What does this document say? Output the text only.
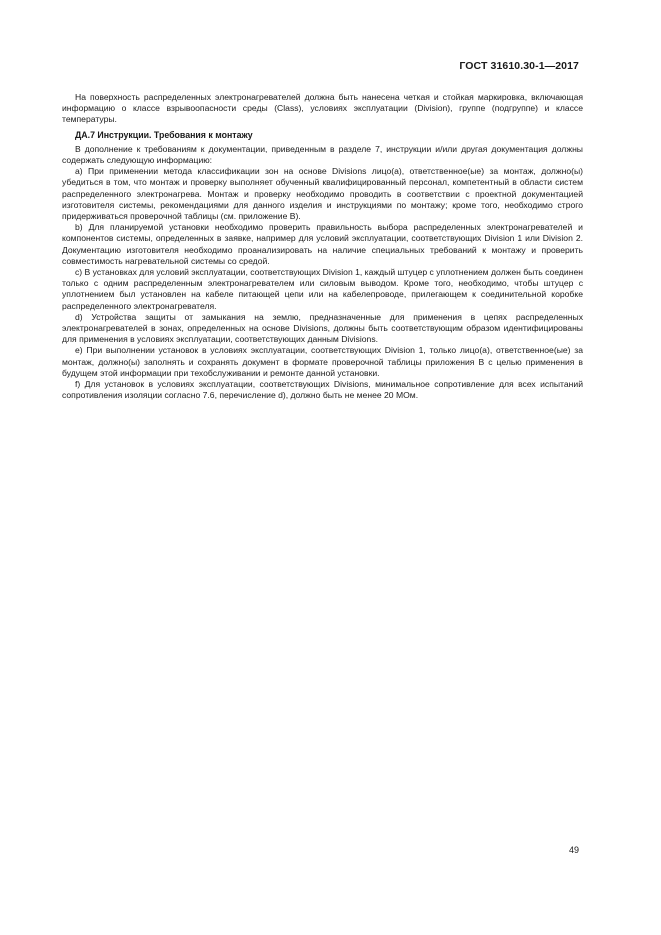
ГОСТ 31610.30-1—2017

На поверхность распределенных электронагревателей должна быть нанесена четкая и стойкая маркировка, включающая информацию о классе взрывоопасности среды (Class), условиях эксплуатации (Division), группе (подгруппе) и классе температуры.

ДА.7 Инструкции. Требования к монтажу

В дополнение к требованиям к документации, приведенным в разделе 7, инструкции и/или другая документация должны содержать следующую информацию:

а) При применении метода классификации зон на основе Divisions лицо(а), ответственное(ые) за монтаж, должно(ы) убедиться в том, что монтаж и проверку выполняет обученный квалифицированный персонал, компетентный в области систем распределенного электронагрева. Монтаж и проверку необходимо проводить в соответствии с проектной документацией изготовителя системы, рекомендациями для данного изделия и инструкциями по монтажу; кроме того, необходимо строго придерживаться проверочной таблицы (см. приложение В).

b) Для планируемой установки необходимо проверить правильность выбора распределенных электронагревателей и компонентов системы, определенных в заявке, например для условий эксплуатации, соответствующих Division 1 или Division 2. Документацию изготовителя необходимо проанализировать на наличие специальных требований к монтажу и проверить совместимость нагревательной системы со средой.

с) В установках для условий эксплуатации, соответствующих Division 1, каждый штуцер с уплотнением должен быть соединен только с одним распределенным электронагревателем или силовым выводом. Кроме того, необходимо, чтобы штуцер с уплотнением был установлен на кабеле питающей цепи или на кабелепроводе, прилегающем к соединительной коробке распределенного электронагревателя.

d) Устройства защиты от замыкания на землю, предназначенные для применения в цепях распределенных электронагревателей в зонах, определенных на основе Divisions, должны быть соответствующим образом идентифицированы для применения в условиях эксплуатации, соответствующих данным Divisions.

е) При выполнении установок в условиях эксплуатации, соответствующих Division 1, только лицо(а), ответственное(ые) за монтаж, должно(ы) заполнять и сохранять документ в формате проверочной таблицы приложения В с целью применения в будущем этой информации при техобслуживании и ремонте данной установки.

f) Для установок в условиях эксплуатации, соответствующих Divisions, минимальное сопротивление для всех испытаний сопротивления изоляции согласно 7.6, перечисление d), должно быть не менее 20 МОм.

49
